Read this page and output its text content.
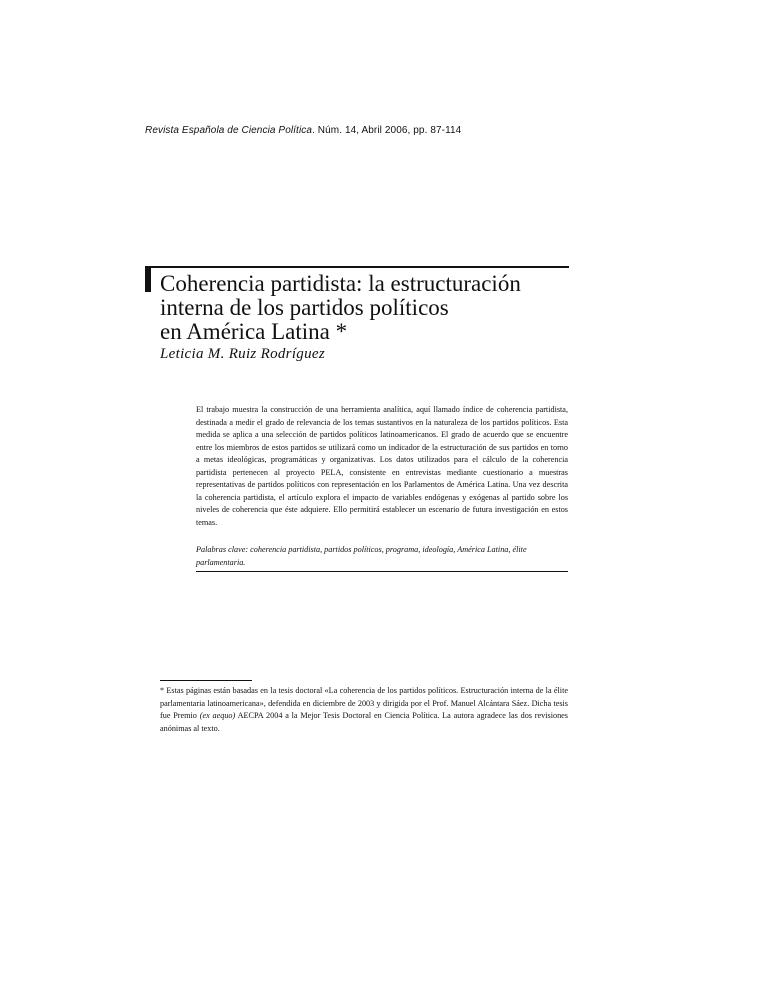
Revista Española de Ciencia Política. Núm. 14, Abril 2006, pp. 87-114
Coherencia partidista: la estructuración
interna de los partidos políticos
en América Latina *
Leticia M. Ruiz Rodríguez

El trabajo muestra la construcción de una herramienta analítica, aquí llamado índice de coherencia partidista, destinada a medir el grado de relevancia de los temas sustantivos en la naturaleza de los partidos políticos. Esta medida se aplica a una selección de partidos políticos latinoamericanos. El grado de acuerdo que se encuentre entre los miembros de estos partidos se utilizará como un indicador de la estructuración de sus partidos en torno a metas ideológicas, programáticas y organizativas. Los datos utilizados para el cálculo de la coherencia partidista pertenecen al proyecto PELA, consistente en entrevistas mediante cuestionario a muestras representativas de partidos políticos con representación en los Parlamentos de América Latina. Una vez descrita la coherencia partidista, el artículo explora el impacto de variables endógenas y exógenas al partido sobre los niveles de coherencia que éste adquiere. Ello permitirá establecer un escenario de futura investigación en estos temas.

Palabras clave: coherencia partidista, partidos políticos, programa, ideología, América Latina, élite parlamentaria.

* Estas páginas están basadas en la tesis doctoral «La coherencia de los partidos políticos. Estructuración interna de la élite parlamentaria latinoamericana», defendida en diciembre de 2003 y dirigida por el Prof. Manuel Alcántara Sáez. Dicha tesis fue Premio (ex aequo) AECPA 2004 a la Mejor Tesis Doctoral en Ciencia Política. La autora agradece las dos revisiones anónimas al texto.
